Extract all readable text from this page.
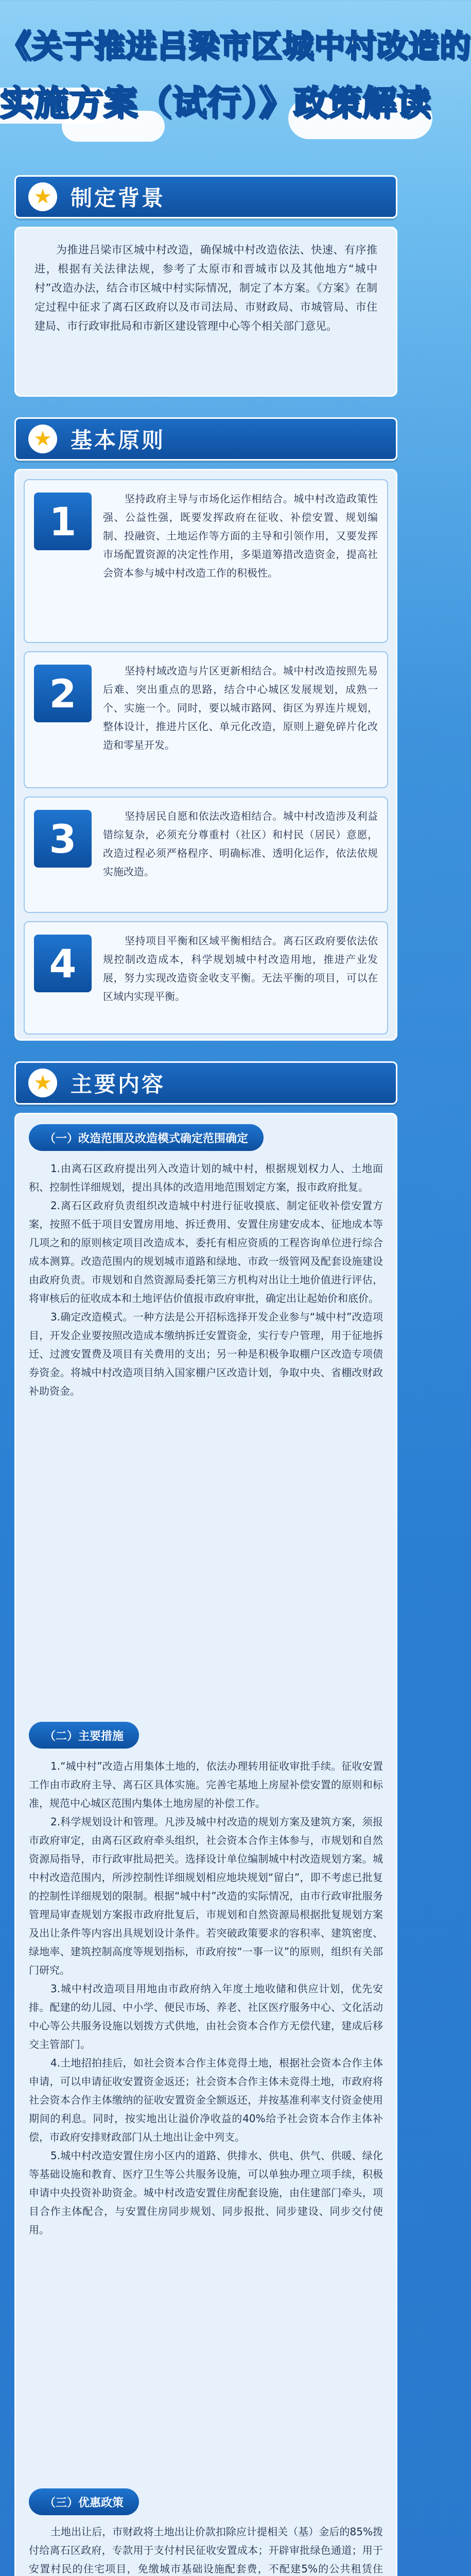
《关于推进吕梁市区城中村改造的
实施方案（试行）》政策解读
★ 制定背景
为推进吕梁市区城中村改造，确保城中村改造依法、快速、有序推进，根据有关法律法规，参考了太原市和晋城市以及其他地方“城中村”改造办法，结合市区城中村实际情况，制定了本方案。《方案》在制定过程中征求了离石区政府以及市司法局、市财政局、市城管局、市住建局、市行政审批局和市新区建设管理中心等个相关部门意见。
★ 基本原则
1	坚持政府主导与市场化运作相结合。城中村改造政策性强、公益性强，既要发挥政府在征收、补偿安置、规划编制、投融资、土地运作等方面的主导和引领作用，又要发挥市场配置资源的决定性作用，多渠道筹措改造资金，提高社会资本参与城中村改造工作的积极性。
2	坚持村域改造与片区更新相结合。城中村改造按照先易后难、突出重点的思路，结合中心城区发展规划，成熟一个、实施一个。同时，要以城市路网、街区为界连片规划，整体设计，推进片区化、单元化改造，原则上避免碎片化改造和零星开发。
3	坚持居民自愿和依法改造相结合。城中村改造涉及利益错综复杂，必须充分尊重村（社区）和村民（居民）意愿，改造过程必须严格程序、明确标准、透明化运作，依法依规实施改造。
4	坚持项目平衡和区域平衡相结合。离石区政府要依法依规控制改造成本，科学规划城中村改造用地，推进产业发展，努力实现改造资金收支平衡。无法平衡的项目，可以在区域内实现平衡。
★ 主要内容
（一）改造范围及改造模式确定范围确定
1.由离石区政府提出列入改造计划的城中村，根据规划权力人、土地面积、控制性详细规划，提出具体的改造用地范围划定方案，报市政府批复。
2.离石区政府负责组织改造城中村进行征收摸底、制定征收补偿安置方案，按照不低于项目安置房用地、拆迁费用、安置住房建安成本、征地成本等几项之和的原则核定项目改造成本，委托有相应资质的工程咨询单位进行综合成本测算。改造范围内的规划城市道路和绿地、市政一级管网及配套设施建设由政府负责。市规划和自然资源局委托第三方机构对出让土地价值进行评估，将审核后的征收成本和土地评估价值报市政府审批，确定出让起始价和底价。
3.确定改造模式。一种方法是公开招标选择开发企业参与“城中村”改造项目，开发企业要按照改造成本缴纳拆迁安置资金，实行专户管理，用于征地拆迁、过渡安置费及项目有关费用的支出；另一种是积极争取棚户区改造专项债券资金。将城中村改造项目纳入国家棚户区改造计划，争取中央、省棚改财政补助资金。
（二）主要措施
1.“城中村”改造占用集体土地的，依法办理转用征收审批手续。征收安置工作由市政府主导、离石区具体实施。完善宅基地上房屋补偿安置的原则和标准，规范中心城区范围内集体土地房屋的补偿工作。
2.科学规划设计和管理。凡涉及城中村改造的规划方案及建筑方案，须报市政府审定，由离石区政府牵头组织，社会资本合作主体参与，市规划和自然资源局指导，市行政审批局把关。选择设计单位编制城中村改造规划方案。城中村改造范围内，所涉控制性详细规划相应地块规划“留白”，即不考虑已批复的控制性详细规划的限制。根据“城中村”改造的实际情况，由市行政审批服务管理局审查规划方案报市政府批复后，市规划和自然资源局根据批复规划方案及出让条件等内容出具规划设计条件。若突破政策要求的容积率、建筑密度、绿地率、建筑控制高度等规划指标，市政府按“一事一议”的原则，组织有关部门研究。
3.城中村改造项目用地由市政府纳入年度土地收储和供应计划，优先安排。配建的幼儿园、中小学、便民市场、养老、社区医疗服务中心、文化活动中心等公共服务设施以划拨方式供地，由社会资本合作方无偿代建，建成后移交主管部门。
4.土地招拍挂后，如社会资本合作主体竞得土地，根据社会资本合作主体申请，可以申请征收安置资金返还；社会资本合作主体未竞得土地，市政府将社会资本合作主体缴纳的征收安置资金全额返还，并按基准利率支付资金使用期间的利息。同时，按实地出让溢价净收益的40%给予社会资本合作主体补偿，市政府安排财政部门从土地出让金中列支。
5.城中村改造安置住房小区内的道路、供排水、供电、供气、供暖、绿化等基础设施和教育、医疗卫生等公共服务设施，可以单独办理立项手续，积极申请中央投资补助资金。城中村改造安置住房配套设施，由住建部门牵头，项目合作主体配合，与安置住房同步规划、同步报批、同步建设、同步交付使用。
（三）优惠政策
土地出让后，市财政将土地出让价款扣除应计提相关（基）金后的85%拨付给离石区政府，专款用于支付村民征收安置成本；开辟审批绿色通道；用于安置村民的住宅项目，免缴城市基础设施配套费，不配建5%的公共租赁住
